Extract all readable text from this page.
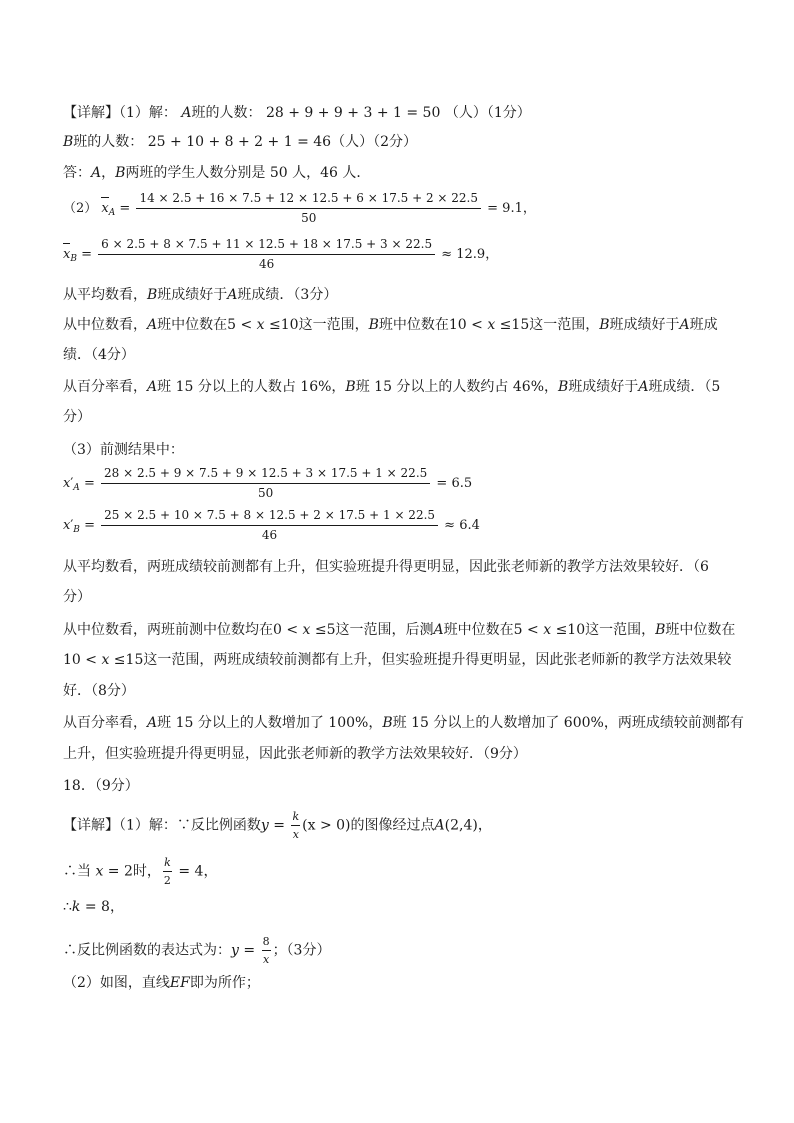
【详解】（1）解： A班的人数： 28 + 9 + 9 + 3 + 1 = 50 （人）（1分）
B班的人数： 25 + 10 + 8 + 2 + 1 = 46（人）（2分）
答：A，B两班的学生人数分别是 50 人，46 人．
（2） $x_A = \frac{14 \times 2.5 + 16 \times 7.5 + 12 \times 12.5 + 6 \times 17.5 + 2 \times 22.5}{50} = 9.1$，
$x_B = \frac{6 \times 2.5 + 8 \times 7.5 + 11 \times 12.5 + 18 \times 17.5 + 3 \times 22.5}{46} \approx 12.9$，
从平均数看，B班成绩好于A班成绩．（3分）
从中位数看，A班中位数在5 < x ≤10这一范围，B班中位数在10 < x ≤15这一范围，B班成绩好于A班成
绩．（4分）
从百分率看，A班 15 分以上的人数占 16%，B班 15 分以上的人数约占 46%，B班成绩好于A班成绩．（5
分）
（3）前测结果中：
$x'_A = \frac{28 \times 2.5 + 9 \times 7.5 + 9 \times 12.5 + 3 \times 17.5 + 1 \times 22.5}{50} = 6.5$
$x'_B = \frac{25 \times 2.5 + 10 \times 7.5 + 8 \times 12.5 + 2 \times 17.5 + 1 \times 22.5}{46} \approx 6.4$
从平均数看，两班成绩较前测都有上升，但实验班提升得更明显，因此张老师新的教学方法效果较好．（6
分）
从中位数看，两班前测中位数均在0 < x ≤5这一范围，后测A班中位数在5 < x ≤10这一范围，B班中位数在
10 < x ≤15这一范围，两班成绩较前测都有上升，但实验班提升得更明显，因此张老师新的教学方法效果较
好．（8分）
从百分率看，A班 15 分以上的人数增加了 100%，B班 15 分以上的人数增加了 600%，两班成绩较前测都有
上升，但实验班提升得更明显，因此张老师新的教学方法效果较好．（9分）
18．（9分）
【详解】（1）解：∵反比例函数$y = \frac{k}{x} (x > 0)$的图像经过点A(2,4)，
∴当 x = 2时， $\frac{k}{2} = 4$，
∴k = 8，
∴反比例函数的表达式为：$y = \frac{8}{x}$ ；（3分）
（2）如图，直线EF即为所作；
